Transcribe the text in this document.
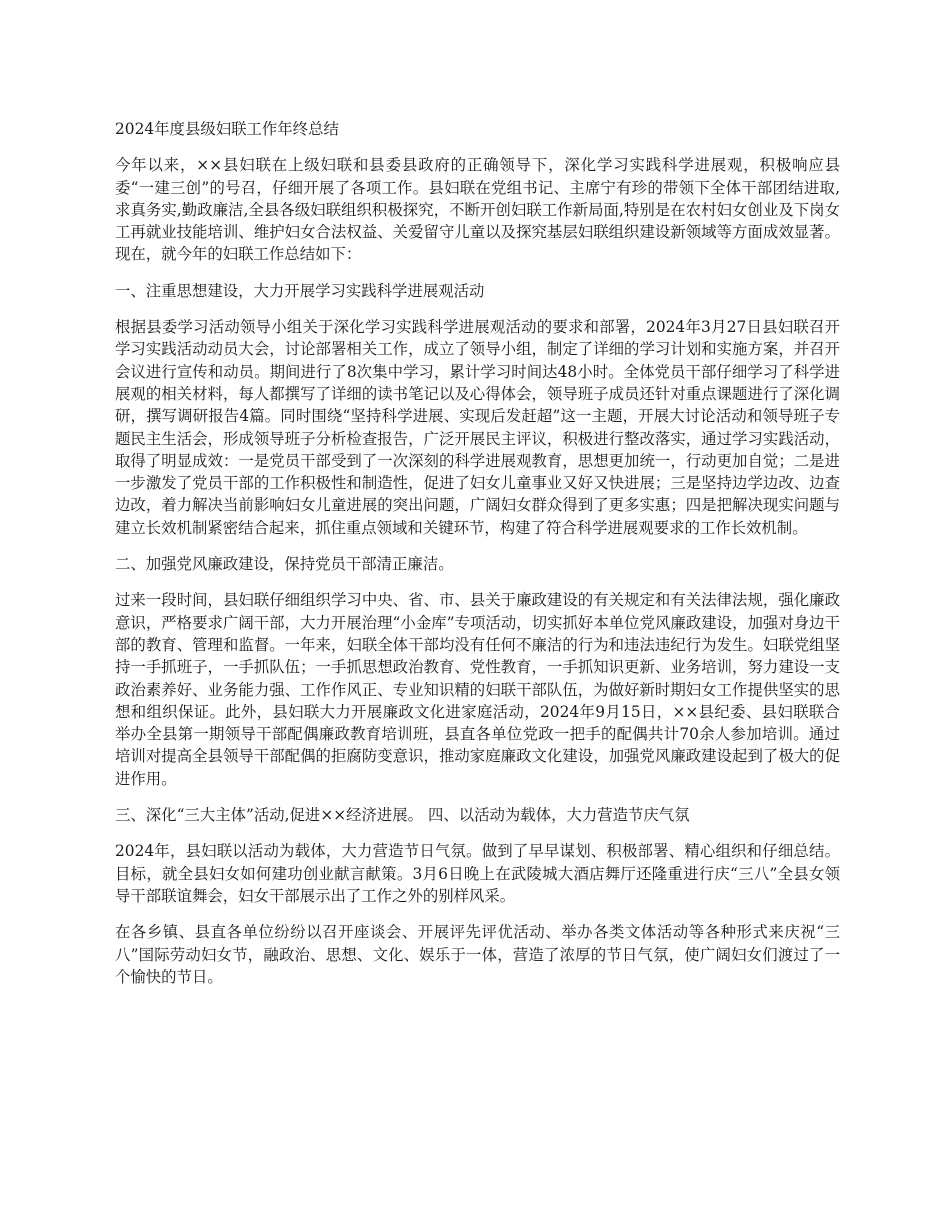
2024年度县级妇联工作年终总结

今年以来，××县妇联在上级妇联和县委县政府的正确领导下，深化学习实践科学进展观，积极响应县委“一建三创”的号召，仔细开展了各项工作。县妇联在党组书记、主席宁有珍的带领下全体干部团结进取,求真务实,勤政廉洁,全县各级妇联组织积极探究，不断开创妇联工作新局面,特别是在农村妇女创业及下岗女工再就业技能培训、维护妇女合法权益、关爱留守儿童以及探究基层妇联组织建设新领域等方面成效显著。现在，就今年的妇联工作总结如下：

一、注重思想建设，大力开展学习实践科学进展观活动

根据县委学习活动领导小组关于深化学习实践科学进展观活动的要求和部署，2024年3月27日县妇联召开学习实践活动动员大会，讨论部署相关工作，成立了领导小组，制定了详细的学习计划和实施方案，并召开会议进行宣传和动员。期间进行了8次集中学习，累计学习时间达48小时。全体党员干部仔细学习了科学进展观的相关材料，每人都撰写了详细的读书笔记以及心得体会，领导班子成员还针对重点课题进行了深化调研，撰写调研报告4篇。同时围绕“坚持科学进展、实现后发赶超”这一主题，开展大讨论活动和领导班子专题民主生活会，形成领导班子分析检查报告，广泛开展民主评议，积极进行整改落实，通过学习实践活动，取得了明显成效：一是党员干部受到了一次深刻的科学进展观教育，思想更加统一，行动更加自觉；二是进一步激发了党员干部的工作积极性和制造性，促进了妇女儿童事业又好又快进展；三是坚持边学边改、边查边改，着力解决当前影响妇女儿童进展的突出问题，广阔妇女群众得到了更多实惠；四是把解决现实问题与建立长效机制紧密结合起来，抓住重点领域和关键环节，构建了符合科学进展观要求的工作长效机制。

二、加强党风廉政建设，保持党员干部清正廉洁。

过来一段时间，县妇联仔细组织学习中央、省、市、县关于廉政建设的有关规定和有关法律法规，强化廉政意识，严格要求广阔干部，大力开展治理“小金库”专项活动，切实抓好本单位党风廉政建设，加强对身边干部的教育、管理和监督。一年来，妇联全体干部均没有任何不廉洁的行为和违法违纪行为发生。妇联党组坚持一手抓班子，一手抓队伍；一手抓思想政治教育、党性教育，一手抓知识更新、业务培训，努力建设一支政治素养好、业务能力强、工作作风正、专业知识精的妇联干部队伍，为做好新时期妇女工作提供坚实的思想和组织保证。此外，县妇联大力开展廉政文化进家庭活动，2024年9月15日，××县纪委、县妇联联合举办全县第一期领导干部配偶廉政教育培训班，县直各单位党政一把手的配偶共计70余人参加培训。通过培训对提高全县领导干部配偶的拒腐防变意识，推动家庭廉政文化建设，加强党风廉政建设起到了极大的促进作用。

三、深化“三大主体”活动,促进××经济进展。 四、以活动为载体，大力营造节庆气氛

2024年，县妇联以活动为载体，大力营造节日气氛。做到了早早谋划、积极部署、精心组织和仔细总结。目标，就全县妇女如何建功创业献言献策。3月6日晚上在武陵城大酒店舞厅还隆重进行庆“三八”全县女领导干部联谊舞会，妇女干部展示出了工作之外的别样风采。

在各乡镇、县直各单位纷纷以召开座谈会、开展评先评优活动、举办各类文体活动等各种形式来庆祝“三八”国际劳动妇女节，融政治、思想、文化、娱乐于一体，营造了浓厚的节日气氛，使广阔妇女们渡过了一个愉快的节日。
